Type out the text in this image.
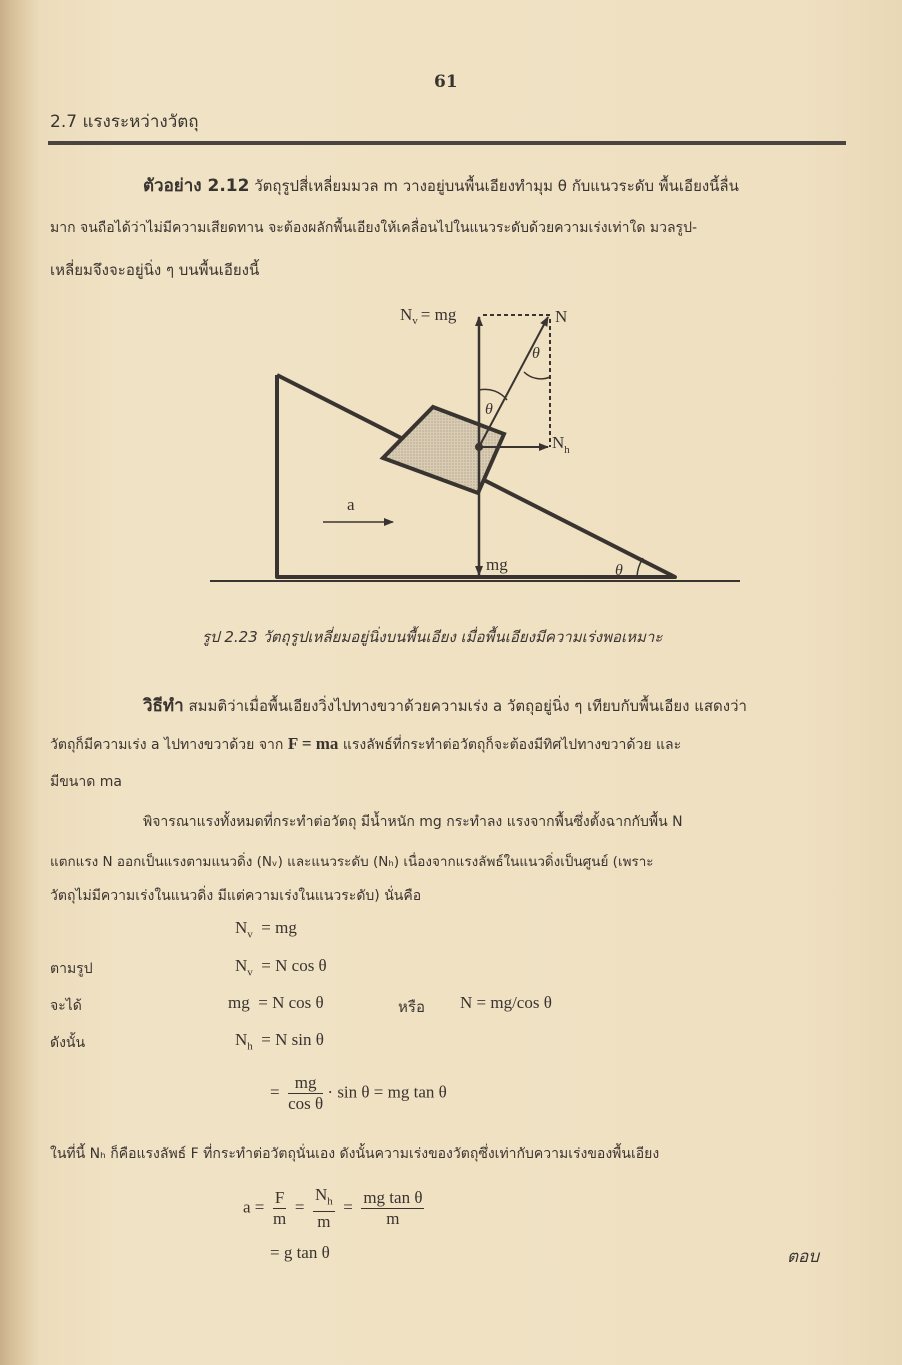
61
2.7 แรงระหว่างวัตถุ
ตัวอย่าง 2.12 วัตถุรูปสี่เหลี่ยมมวล m วางอยู่บนพื้นเอียงทำมุม θ กับแนวระดับ พื้นเอียงนี้ลื่น
มาก จนถือได้ว่าไม่มีความเสียดทาน จะต้องผลักพื้นเอียงให้เคลื่อนไปในแนวระดับด้วยความเร่งเท่าใด มวลรูป-
เหลี่ยมจึงจะอยู่นิ่ง ๆ บนพื้นเอียงนี้
$N_v$ = mg	N
$N_h$
θ
θ
θ
a
mg
รูป 2.23 วัตถุรูปเหลี่ยมอยู่นิ่งบนพื้นเอียง เมื่อพื้นเอียงมีความเร่งพอเหมาะ
วิธีทำ สมมติว่าเมื่อพื้นเอียงวิ่งไปทางขวาด้วยความเร่ง a วัตถุอยู่นิ่ง ๆ เทียบกับพื้นเอียง แสดงว่า
วัตถุก็มีความเร่ง a ไปทางขวาด้วย จาก F = ma แรงลัพธ์ที่กระทำต่อวัตถุก็จะต้องมีทิศไปทางขวาด้วย และ
มีขนาด ma
พิจารณาแรงทั้งหมดที่กระทำต่อวัตถุ มีน้ำหนัก mg กระทำลง แรงจากพื้นซึ่งตั้งฉากกับพื้น N
แตกแรง N ออกเป็นแรงตามแนวดิ่ง (Nᵥ) และแนวระดับ (Nₕ) เนื่องจากแรงลัพธ์ในแนวดิ่งเป็นศูนย์ (เพราะ
วัตถุไม่มีความเร่งในแนวดิ่ง มีแต่ความเร่งในแนวระดับ) นั่นคือ
$N_v$ = mg
ตามรูป	$N_v = N$ cos θ
จะได้	mg = N cos θ	หรือ N = mg/cos θ
ดังนั้น	$N_h = N$ sin θ
= $\frac{mg}{\text{cos θ}} \cdot \sin \theta$ = mg tan θ
ในที่นี้ Nₕ ก็คือแรงลัพธ์ F ที่กระทำต่อวัตถุนั่นเอง ดังนั้นความเร่งของวัตถุซึ่งเท่ากับความเร่งของพื้นเอียง
$a = \frac{F}{m} = \frac{N_h}{m} = \frac{\text{mg tan θ}}{m}$
= g tan θ	ตอบ
